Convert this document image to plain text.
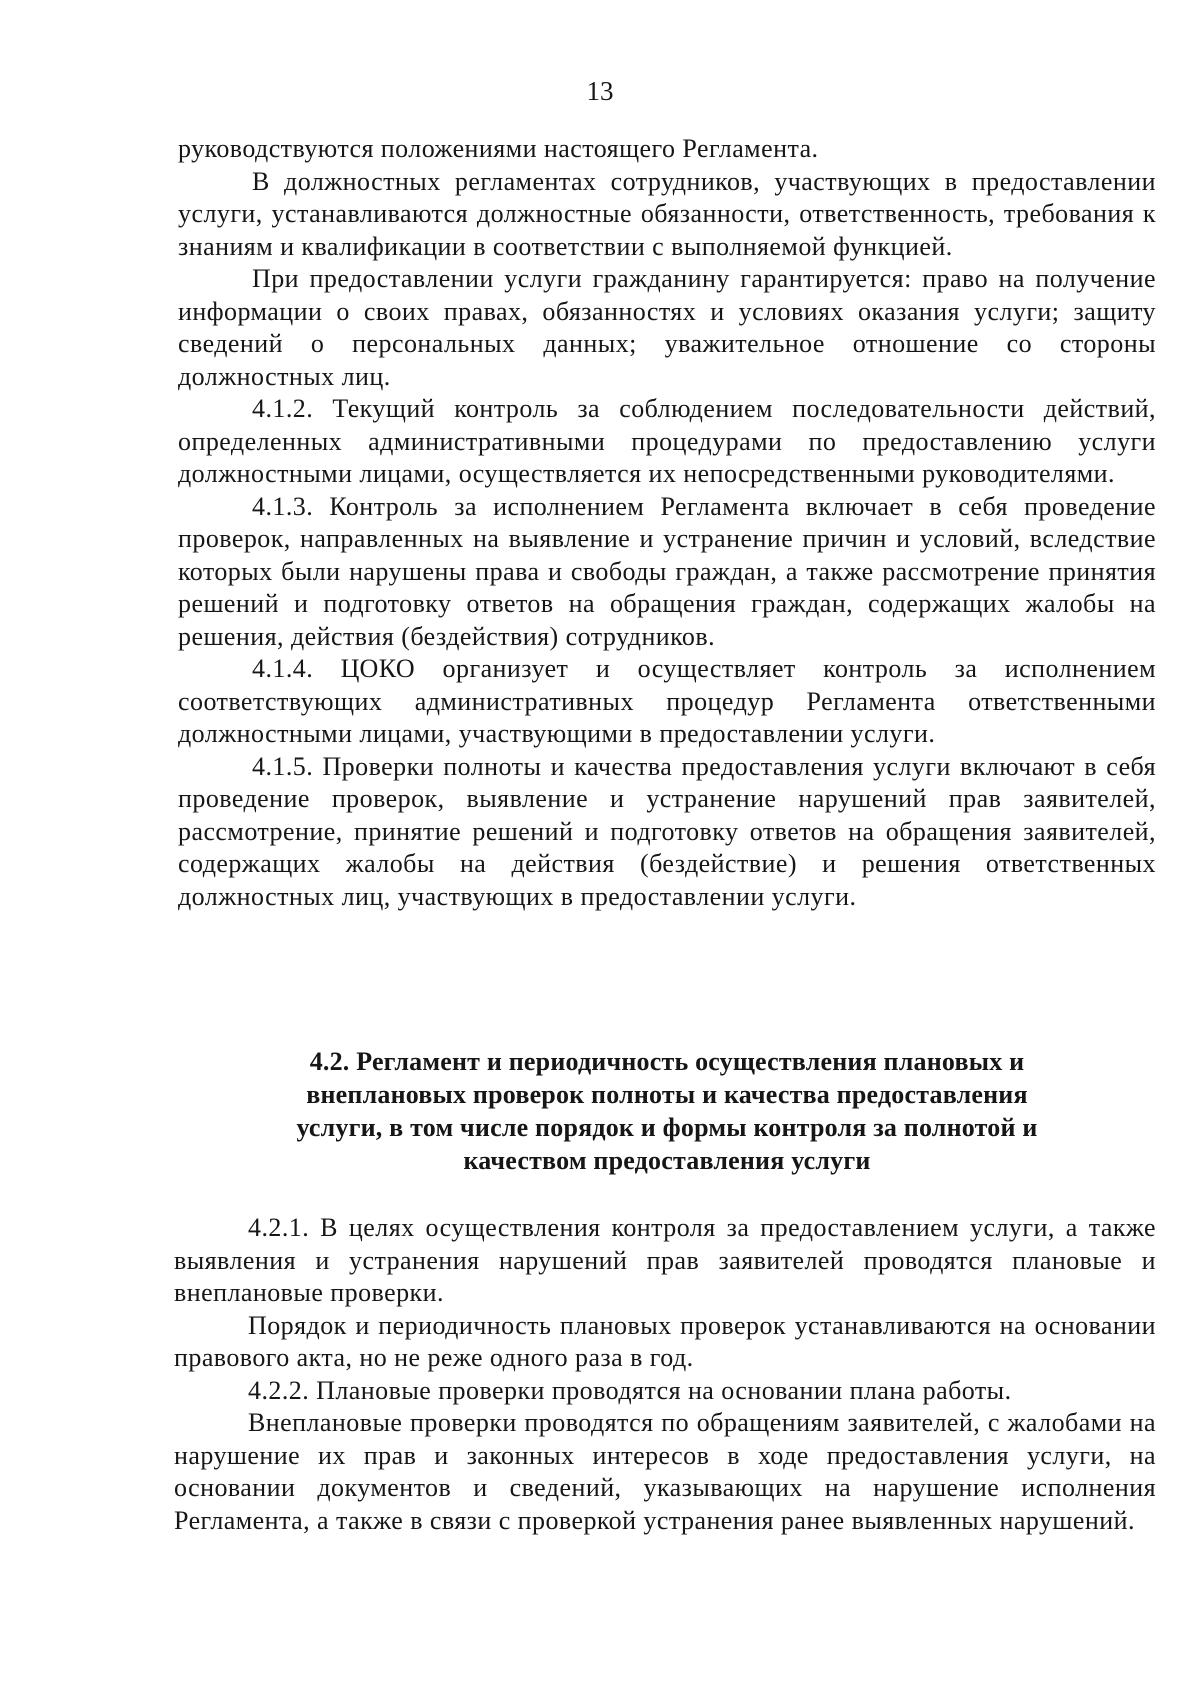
13

руководствуются положениями настоящего Регламента.

В должностных регламентах сотрудников, участвующих в предоставлении услуги, устанавливаются должностные обязанности, ответственность, требования к знаниям и квалификации в соответствии с выполняемой функцией.

При предоставлении услуги гражданину гарантируется: право на получение информации о своих правах, обязанностях и условиях оказания услуги; защиту сведений о персональных данных; уважительное отношение со стороны должностных лиц.

4.1.2. Текущий контроль за соблюдением последовательности действий, определенных административными процедурами по предоставлению услуги должностными лицами, осуществляется их непосредственными руководителями.

4.1.3. Контроль за исполнением Регламента включает в себя проведение проверок, направленных на выявление и устранение причин и условий, вследствие которых были нарушены права и свободы граждан, а также рассмотрение принятия решений и подготовку ответов на обращения граждан, содержащих жалобы на решения, действия (бездействия) сотрудников.

4.1.4. ЦОКО организует и осуществляет контроль за исполнением соответствующих административных процедур Регламента ответственными должностными лицами, участвующими в предоставлении услуги.

4.1.5. Проверки полноты и качества предоставления услуги включают в себя проведение проверок, выявление и устранение нарушений прав заявителей, рассмотрение, принятие решений и подготовку ответов на обращения заявителей, содержащих жалобы на действия (бездействие) и решения ответственных должностных лиц, участвующих в предоставлении услуги.

4.2. Регламент и периодичность осуществления плановых и
внеплановых проверок полноты и качества предоставления
услуги, в том числе порядок и формы контроля за полнотой и
качеством предоставления услуги

4.2.1. В целях осуществления контроля за предоставлением услуги, а также выявления и устранения нарушений прав заявителей проводятся плановые и внеплановые проверки.

Порядок и периодичность плановых проверок устанавливаются на основании правового акта, но не реже одного раза в год.

4.2.2. Плановые проверки проводятся на основании плана работы.

Внеплановые проверки проводятся по обращениям заявителей, с жалобами на нарушение их прав и законных интересов в ходе предоставления услуги, на основании документов и сведений, указывающих на нарушение исполнения Регламента, а также в связи с проверкой устранения ранее выявленных нарушений.
